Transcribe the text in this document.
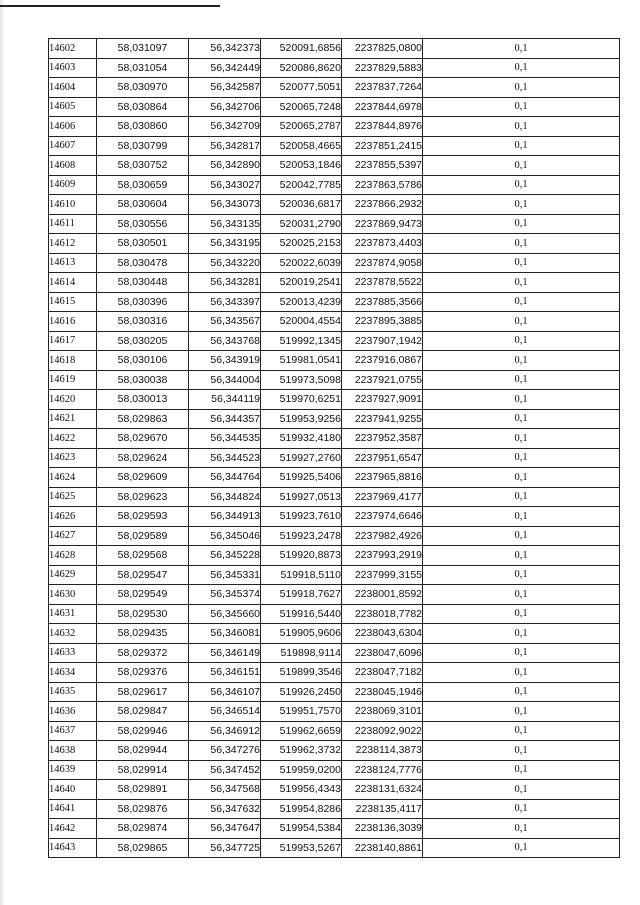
14602	58,031097	56,342373	520091,6856	2237825,0800	0,1
14603	58,031054	56,342449	520086,8620	2237829,5883	0,1
14604	58,030970	56,342587	520077,5051	2237837,7264	0,1
14605	58,030864	56,342706	520065,7248	2237844,6978	0,1
14606	58,030860	56,342709	520065,2787	2237844,8976	0,1
14607	58,030799	56,342817	520058,4665	2237851,2415	0,1
14608	58,030752	56,342890	520053,1846	2237855,5397	0,1
14609	58,030659	56,343027	520042,7785	2237863,5786	0,1
14610	58,030604	56,343073	520036,6817	2237866,2932	0,1
14611	58,030556	56,343135	520031,2790	2237869,9473	0,1
14612	58,030501	56,343195	520025,2153	2237873,4403	0,1
14613	58,030478	56,343220	520022,6039	2237874,9058	0,1
14614	58,030448	56,343281	520019,2541	2237878,5522	0,1
14615	58,030396	56,343397	520013,4239	2237885,3566	0,1
14616	58,030316	56,343567	520004,4554	2237895,3885	0,1
14617	58,030205	56,343768	519992,1345	2237907,1942	0,1
14618	58,030106	56,343919	519981,0541	2237916,0867	0,1
14619	58,030038	56,344004	519973,5098	2237921,0755	0,1
14620	58,030013	56,344119	519970,6251	2237927,9091	0,1
14621	58,029863	56,344357	519953,9256	2237941,9255	0,1
14622	58,029670	56,344535	519932,4180	2237952,3587	0,1
14623	58,029624	56,344523	519927,2760	2237951,6547	0,1
14624	58,029609	56,344764	519925,5406	2237965,8816	0,1
14625	58,029623	56,344824	519927,0513	2237969,4177	0,1
14626	58,029593	56,344913	519923,7610	2237974,6646	0,1
14627	58,029589	56,345046	519923,2478	2237982,4926	0,1
14628	58,029568	56,345228	519920,8873	2237993,2919	0,1
14629	58,029547	56,345331	519918,5110	2237999,3155	0,1
14630	58,029549	56,345374	519918,7627	2238001,8592	0,1
14631	58,029530	56,345660	519916,5440	2238018,7782	0,1
14632	58,029435	56,346081	519905,9606	2238043,6304	0,1
14633	58,029372	56,346149	519898,9114	2238047,6096	0,1
14634	58,029376	56,346151	519899,3546	2238047,7182	0,1
14635	58,029617	56,346107	519926,2450	2238045,1946	0,1
14636	58,029847	56,346514	519951,7570	2238069,3101	0,1
14637	58,029946	56,346912	519962,6659	2238092,9022	0,1
14638	58,029944	56,347276	519962,3732	2238114,3873	0,1
14639	58,029914	56,347452	519959,0200	2238124,7776	0,1
14640	58,029891	56,347568	519956,4343	2238131,6324	0,1
14641	58,029876	56,347632	519954,8286	2238135,4117	0,1
14642	58,029874	56,347647	519954,5384	2238136,3039	0,1
14643	58,029865	56,347725	519953,5267	2238140,8861	0,1
